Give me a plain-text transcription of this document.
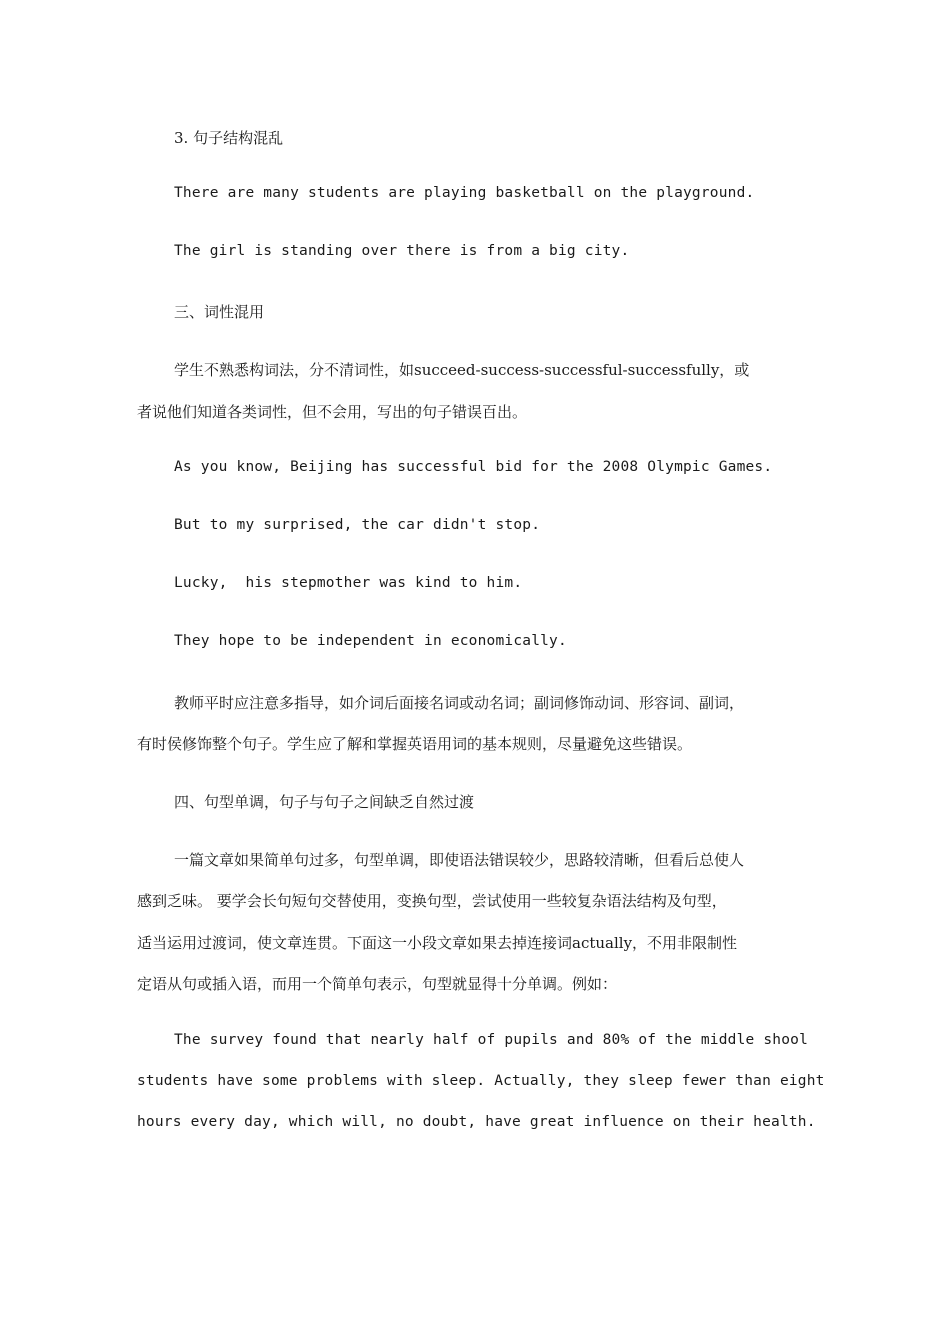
3. 句子结构混乱
There are many students are playing basketball on the playground.
The girl is standing over there is from a big city.
三、词性混用
学生不熟悉构词法，分不清词性，如succeed-success-successful-successfully，或
者说他们知道各类词性，但不会用，写出的句子错误百出。
As you know, Beijing has successful bid for the 2008 Olympic Games.
But to my surprised, the car didn't stop.
Lucky,  his stepmother was kind to him.
They hope to be independent in economically.
教师平时应注意多指导，如介词后面接名词或动名词；副词修饰动词、形容词、副词，
有时侯修饰整个句子。学生应了解和掌握英语用词的基本规则，尽量避免这些错误。
四、句型单调，句子与句子之间缺乏自然过渡
一篇文章如果简单句过多，句型单调，即使语法错误较少，思路较清晰，但看后总使人
感到乏味。 要学会长句短句交替使用，变换句型，尝试使用一些较复杂语法结构及句型，
适当运用过渡词，使文章连贯。下面这一小段文章如果去掉连接词actually，不用非限制性
定语从句或插入语，而用一个简单句表示，句型就显得十分单调。例如：
The survey found that nearly half of pupils and 80% of the middle shool
students have some problems with sleep. Actually, they sleep fewer than eight
hours every day, which will, no doubt, have great influence on their health.
